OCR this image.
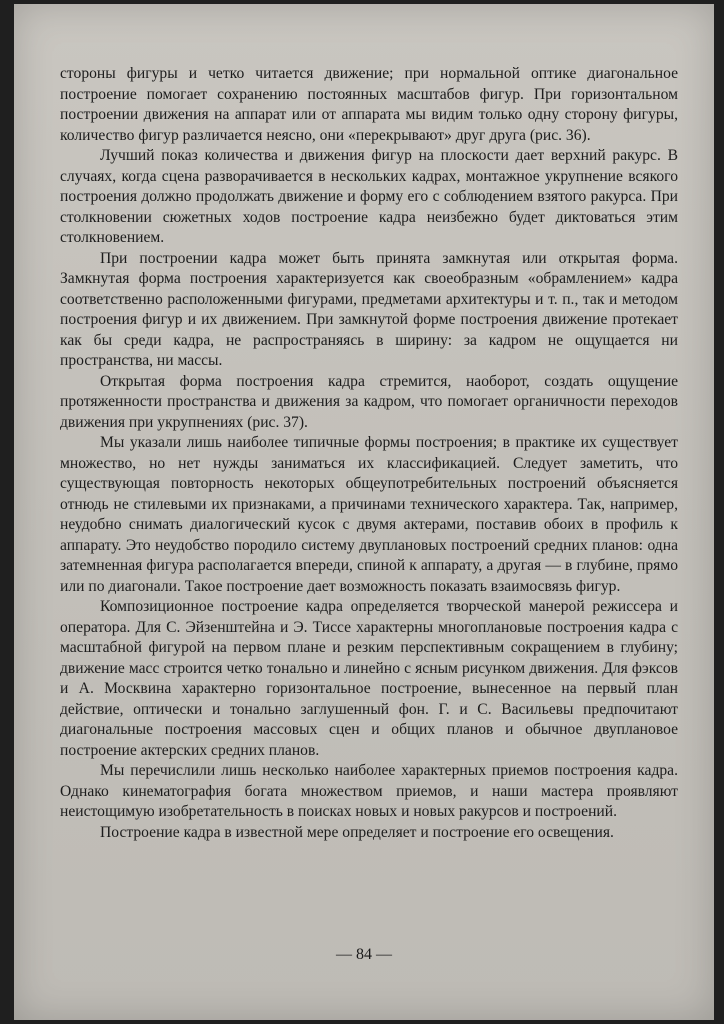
стороны фигуры и четко читается движение; при нормальной оптике диагональное построение помогает сохранению постоянных масштабов фигур. При горизонтальном построении движения на аппарат или от аппарата мы видим только одну сторону фигуры, количество фигур различается неясно, они «перекрывают» друг друга (рис. 36).

Лучший показ количества и движения фигур на плоскости дает верхний ракурс. В случаях, когда сцена разворачивается в нескольких кадрах, монтажное укрупнение всякого построения должно продолжать движение и форму его с соблюдением взятого ракурса. При столкновении сюжетных ходов построение кадра неизбежно будет диктоваться этим столкновением.

При построении кадра может быть принята замкнутая или открытая форма. Замкнутая форма построения характеризуется как своеобразным «обрамлением» кадра соответственно расположенными фигурами, предметами архитектуры и т. п., так и методом построения фигур и их движением. При замкнутой форме построения движение протекает как бы среди кадра, не распространяясь в ширину: за кадром не ощущается ни пространства, ни массы.

Открытая форма построения кадра стремится, наоборот, создать ощущение протяженности пространства и движения за кадром, что помогает органичности переходов движения при укрупнениях (рис. 37).

Мы указали лишь наиболее типичные формы построения; в практике их существует множество, но нет нужды заниматься их классификацией. Следует заметить, что существующая повторность некоторых общеупотребительных построений объясняется отнюдь не стилевыми их признаками, а причинами технического характера. Так, например, неудобно снимать диалогический кусок с двумя актерами, поставив обоих в профиль к аппарату. Это неудобство породило систему двуплановых построений средних планов: одна затемненная фигура располагается впереди, спиной к аппарату, а другая — в глубине, прямо или по диагонали. Такое построение дает возможность показать взаимосвязь фигур.

Композиционное построение кадра определяется творческой манерой режиссера и оператора. Для С. Эйзенштейна и Э. Тиссе характерны многоплановые построения кадра с масштабной фигурой на первом плане и резким перспективным сокращением в глубину; движение масс строится четко тонально и линейно с ясным рисунком движения. Для фэксов и А. Москвина характерно горизонтальное построение, вынесенное на первый план действие, оптически и тонально заглушенный фон. Г. и С. Васильевы предпочитают диагональные построения массовых сцен и общих планов и обычное двуплановое построение актерских средних планов.

Мы перечислили лишь несколько наиболее характерных приемов построения кадра. Однако кинематография богата множеством приемов, и наши мастера проявляют неистощимую изобретательность в поисках новых и новых ракурсов и построений.

Построение кадра в известной мере определяет и построение его освещения.

— 84 —
